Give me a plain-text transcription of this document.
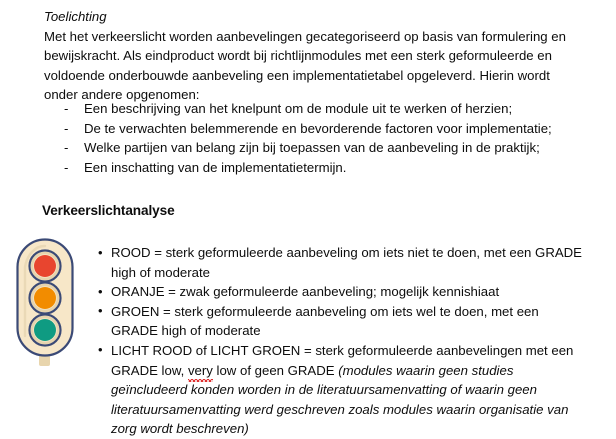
Toelichting
Met het verkeerslicht worden aanbevelingen gecategoriseerd op basis van formulering en bewijskracht. Als eindproduct wordt bij richtlijnmodules met een sterk geformuleerde en voldoende onderbouwde aanbeveling een implementatietabel opgeleverd. Hierin wordt onder andere opgenomen:
- Een beschrijving van het knelpunt om de module uit te werken of herzien;
- De te verwachten belemmerende en bevorderende factoren voor implementatie;
- Welke partijen van belang zijn bij toepassen van de aanbeveling in de praktijk;
- Een inschatting van de implementatietermijn.
Verkeerslichtanalyse
• ROOD = sterk geformuleerde aanbeveling om iets niet te doen, met een GRADE high of moderate
• ORANJE = zwak geformuleerde aanbeveling; mogelijk kennishiaat
• GROEN = sterk geformuleerde aanbeveling om iets wel te doen, met een GRADE high of moderate
• LICHT ROOD of LICHT GROEN = sterk geformuleerde aanbevelingen met een GRADE low, very low of geen GRADE (modules waarin geen studies geïncludeerd konden worden in de literatuursamenvatting of waarin geen literatuursamenvatting werd geschreven zoals modules waarin organisatie van zorg wordt beschreven)
